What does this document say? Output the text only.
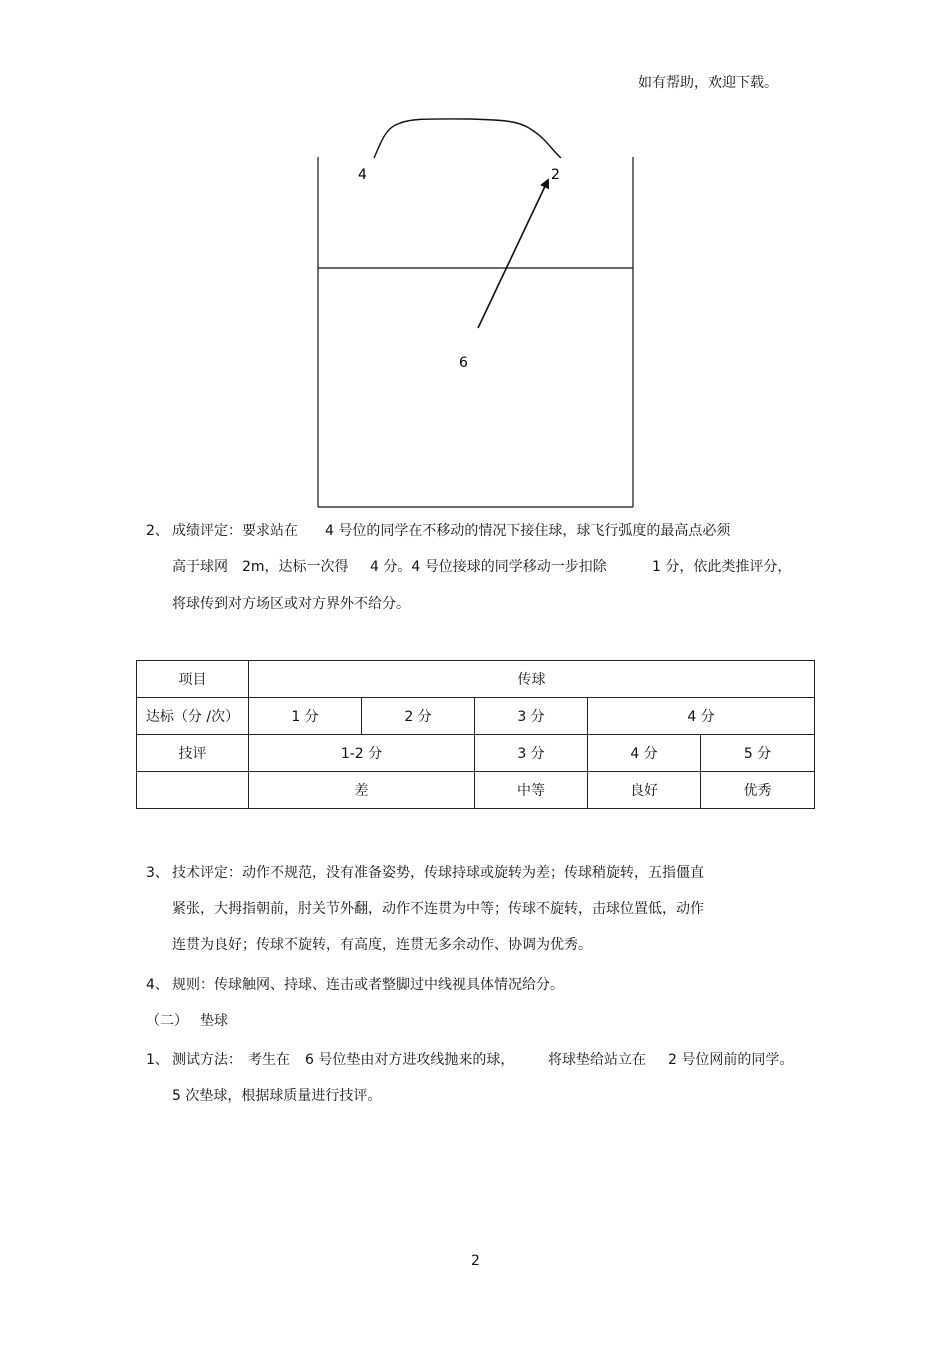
如有帮助，欢迎下载。
4	2
6
2、 成绩评定：要求站在 4 号位的同学在不移动的情况下接住球，球飞行弧度的最高点必须
高于球网 2m，达标一次得 4 分。4 号位接球的同学移动一步扣除	1 分，依此类推评分，
将球传到对方场区或对方界外不给分。
项目	传球				
达标（分 /次）	1 分	2 分	3 分	4 分	
技评	1-2 分		3 分	4 分	5 分
	差		中等	良好	优秀
3、 技术评定：动作不规范，没有准备姿势，传球持球或旋转为差；传球稍旋转，五指僵直
紧张，大拇指朝前，肘关节外翻，动作不连贯为中等；传球不旋转，击球位置低，动作
连贯为良好；传球不旋转，有高度，连贯无多余动作、协调为优秀。
4、 规则：传球触网、持球、连击或者整脚过中线视具体情况给分。
（二） 垫球
1、 测试方法： 考生在 6 号位垫由对方进攻线抛来的球， 将球垫给站立在 2 号位网前的同学。
5 次垫球，根据球质量进行技评。
2
